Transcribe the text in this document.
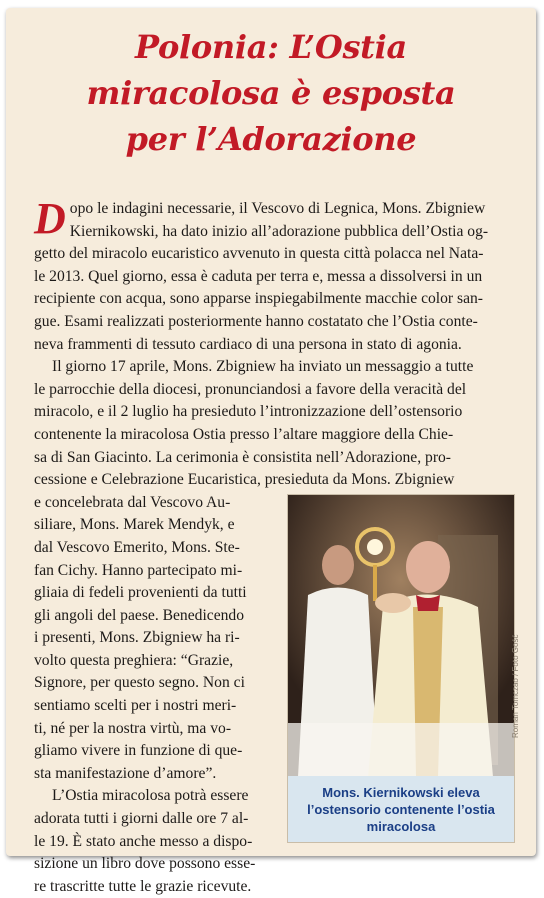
Polonia: L’Ostia
miracolosa è esposta
per l’Adorazione
D opo le indagini necessarie, il Vescovo di Legnica, Mons. Zbigniew
Kiernikowski, ha dato inizio all’adorazione pubblica dell’Ostia og-
getto del miracolo eucaristico avvenuto in questa città polacca nel Nata-
le 2013. Quel giorno, essa è caduta per terra e, messa a dissolversi in un
recipiente con acqua, sono apparse inspiegabilmente macchie color san-
gue. Esami realizzati posteriormente hanno costatato che l’Ostia conte-
neva frammenti di tessuto cardiaco di una persona in stato di agonia.
Il giorno 17 aprile, Mons. Zbigniew ha inviato un messaggio a tutte
le parrocchie della diocesi, pronunciandosi a favore della veracità del
miracolo, e il 2 luglio ha presieduto l’intronizzazione dell’ostensorio
contenente la miracolosa Ostia presso l’altare maggiore della Chie-
sa di San Giacinto. La cerimonia è consistita nell’Adorazione, pro-
cessione e Celebrazione Eucaristica, presieduta da Mons. Zbigniew
e concelebrata dal Vescovo Au-
siliare, Mons. Marek Mendyk, e
dal Vescovo Emerito, Mons. Ste-
fan Cichy. Hanno partecipato mi-
gliaia di fedeli provenienti da tutti
gli angoli del paese. Benedicendo
i presenti, Mons. Zbigniew ha ri-
volto questa preghiera: “Grazie,
Signore, per questo segno. Non ci
sentiamo scelti per i nostri meri-
ti, né per la nostra virtù, ma vo-
gliamo vivere in funzione di que-
sta manifestazione d’amore”.
L’Ostia miracolosa potrà essere
adorata tutti i giorni dalle ore 7 al-
le 19. È stato anche messo a dispo-
sizione un libro dove possono esse-
re trascritte tutte le grazie ricevute.
Roman Tomczao / Foto Gość
Mons. Kiernikowski eleva
l’ostensorio contenente l’ostia
miracolosa
